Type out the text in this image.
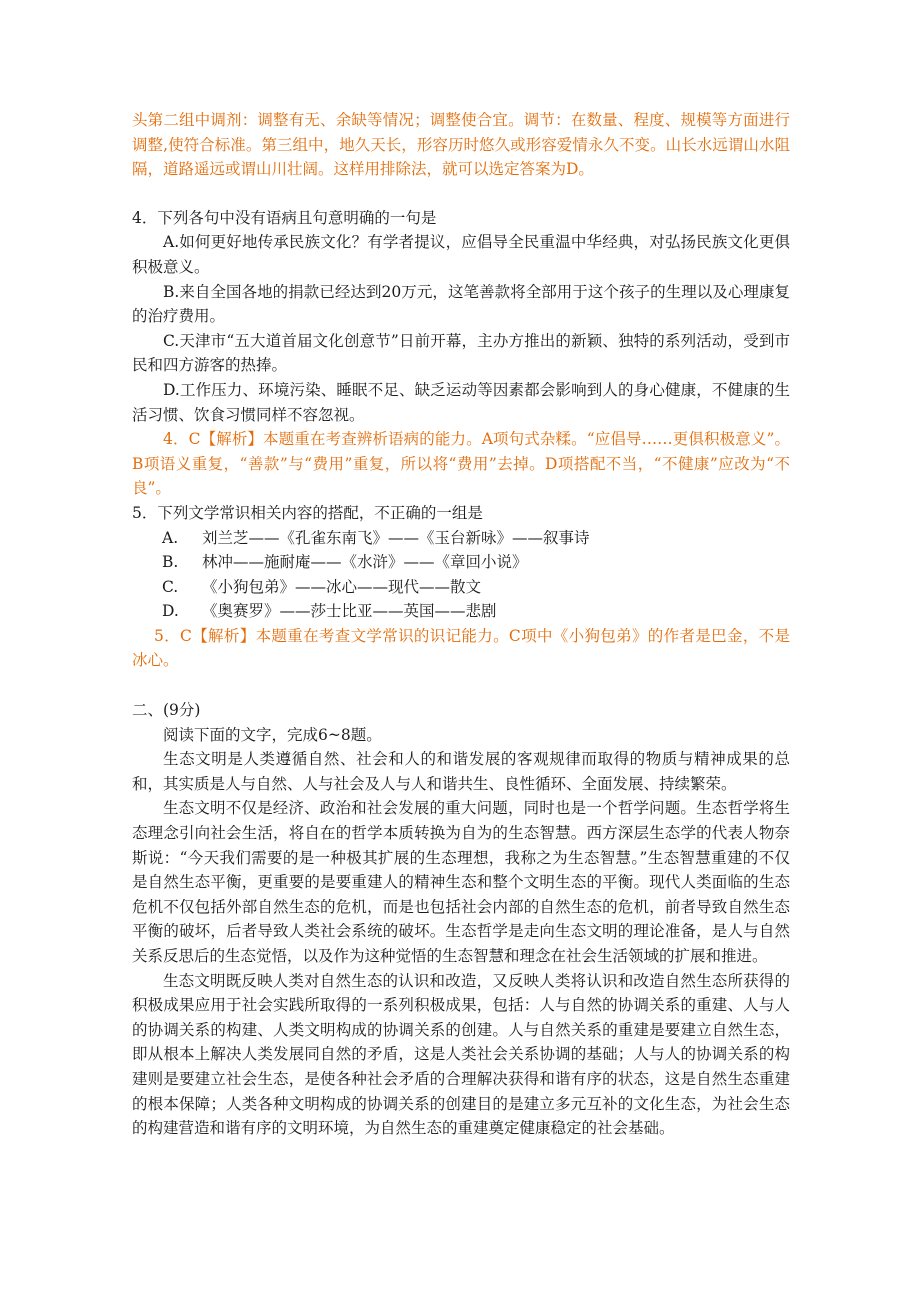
头第二组中调剂：调整有无、余缺等情况；调整使合宜。调节：在数量、程度、规模等方面进行调整,使符合标准。第三组中，地久天长，形容历时悠久或形容爱情永久不变。山长水远谓山水阻隔，道路遥远或谓山川壮阔。这样用排除法，就可以选定答案为D。

4．下列各句中没有语病且句意明确的一句是

A.如何更好地传承民族文化？有学者提议，应倡导全民重温中华经典，对弘扬民族文化更俱积极意义。

B.来自全国各地的捐款已经达到20万元，这笔善款将全部用于这个孩子的生理以及心理康复的治疗费用。

C.天津市“五大道首届文化创意节”日前开幕，主办方推出的新颖、独特的系列活动，受到市民和四方游客的热捧。

D.工作压力、环境污染、睡眠不足、缺乏运动等因素都会影响到人的身心健康，不健康的生活习惯、饮食习惯同样不容忽视。

4．C【解析】本题重在考查辨析语病的能力。A项句式杂糅。“应倡导……更俱积极意义”。B项语义重复，“善款”与“费用”重复，所以将“费用”去掉。D项搭配不当，“不健康”应改为“不良”。

5．下列文学常识相关内容的搭配，不正确的一组是

A.	刘兰芝——《孔雀东南飞》——《玉台新咏》——叙事诗
B.	林冲——施耐庵——《水浒》——《章回小说》
C.	《小狗包弟》——冰心——现代——散文
D.	《奥赛罗》——莎士比亚——英国——悲剧

5．C【解析】本题重在考查文学常识的识记能力。C项中《小狗包弟》的作者是巴金，不是冰心。

二、(9分)

阅读下面的文字，完成6~8题。

生态文明是人类遵循自然、社会和人的和谐发展的客观规律而取得的物质与精神成果的总和，其实质是人与自然、人与社会及人与人和谐共生、良性循环、全面发展、持续繁荣。

生态文明不仅是经济、政治和社会发展的重大问题，同时也是一个哲学问题。生态哲学将生态理念引向社会生活，将自在的哲学本质转换为自为的生态智慧。西方深层生态学的代表人物奈斯说：“今天我们需要的是一种极其扩展的生态理想，我称之为生态智慧。”生态智慧重建的不仅是自然生态平衡，更重要的是要重建人的精神生态和整个文明生态的平衡。现代人类面临的生态危机不仅包括外部自然生态的危机，而是也包括社会内部的自然生态的危机，前者导致自然生态平衡的破坏，后者导致人类社会系统的破坏。生态哲学是走向生态文明的理论准备，是人与自然关系反思后的生态觉悟，以及作为这种觉悟的生态智慧和理念在社会生活领域的扩展和推进。

生态文明既反映人类对自然生态的认识和改造，又反映人类将认识和改造自然生态所获得的积极成果应用于社会实践所取得的一系列积极成果，包括：人与自然的协调关系的重建、人与人的协调关系的构建、人类文明构成的协调关系的创建。人与自然关系的重建是要建立自然生态，即从根本上解决人类发展同自然的矛盾，这是人类社会关系协调的基础；人与人的协调关系的构建则是要建立社会生态，是使各种社会矛盾的合理解决获得和谐有序的状态，这是自然生态重建的根本保障；人类各种文明构成的协调关系的创建目的是建立多元互补的文化生态，为社会生态的构建营造和谐有序的文明环境，为自然生态的重建奠定健康稳定的社会基础。
